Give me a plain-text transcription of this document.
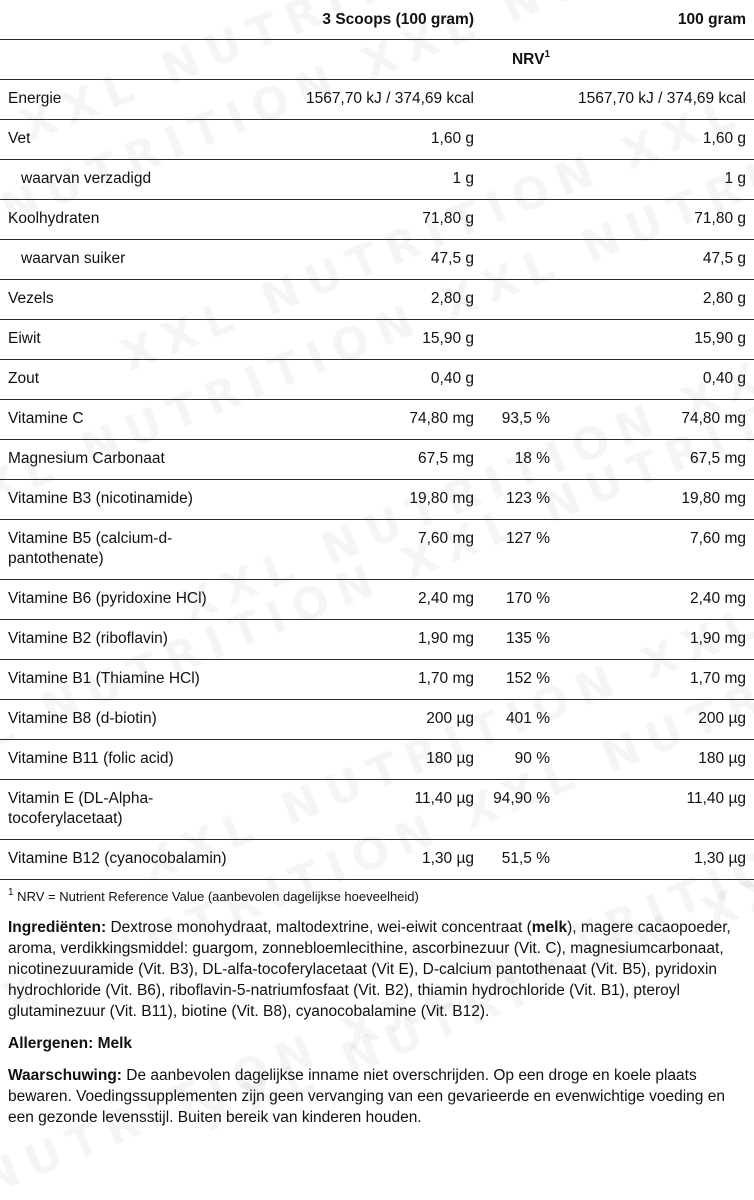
	3 Scoops (100 gram)		100 gram
		NRV$^1$	
Energie	1567,70 kJ / 374,69 kcal		1567,70 kJ / 374,69 kcal
Vet	1,60 g		1,60 g
waarvan verzadigd	1 g		1 g
Koolhydraten	71,80 g		71,80 g
waarvan suiker	47,5 g		47,5 g
Vezels	2,80 g		2,80 g
Eiwit	15,90 g		15,90 g
Zout	0,40 g		0,40 g
Vitamine C	74,80 mg	93,5 %	74,80 mg
Magnesium Carbonaat	67,5 mg	18 %	67,5 mg
Vitamine B3 (nicotinamide)	19,80 mg	123 %	19,80 mg
Vitamine B5 (calcium-d-pantothenate)	7,60 mg	127 %	7,60 mg
Vitamine B6 (pyridoxine HCl)	2,40 mg	170 %	2,40 mg
Vitamine B2 (riboflavin)	1,90 mg	135 %	1,90 mg
Vitamine B1 (Thiamine HCl)	1,70 mg	152 %	1,70 mg
Vitamine B8 (d-biotin)	200 µg	401 %	200 µg
Vitamine B11 (folic acid)	180 µg	90 %	180 µg
Vitamin E (DL-Alpha-tocoferylacetaat)	11,40 µg	94,90 %	11,40 µg
Vitamine B12 (cyanocobalamin)	1,30 µg	51,5 %	1,30 µg
$^1$ NRV = Nutrient Reference Value (aanbevolen dagelijkse hoeveelheid)
Ingrediënten: Dextrose monohydraat, maltodextrine, wei-eiwit concentraat (melk), magere cacaopoeder, aroma, verdikkingsmiddel: guargom, zonnebloemlecithine, ascorbinezuur (Vit. C), magnesiumcarbonaat, nicotinezuuramide (Vit. B3), DL-alfa-tocoferylacetaat (Vit E), D-calcium pantothenaat (Vit. B5), pyridoxin hydrochloride (Vit. B6), riboflavin-5-natriumfosfaat (Vit. B2), thiamin hydrochloride (Vit. B1), pteroyl glutaminezuur (Vit. B11), biotine (Vit. B8), cyanocobalamine (Vit. B12).
Allergenen: Melk
Waarschuwing: De aanbevolen dagelijkse inname niet overschrijden. Op een droge en koele plaats bewaren. Voedingssupplementen zijn geen vervanging van een gevarieerde en evenwichtige voeding en een gezonde levensstijl. Buiten bereik van kinderen houden.
